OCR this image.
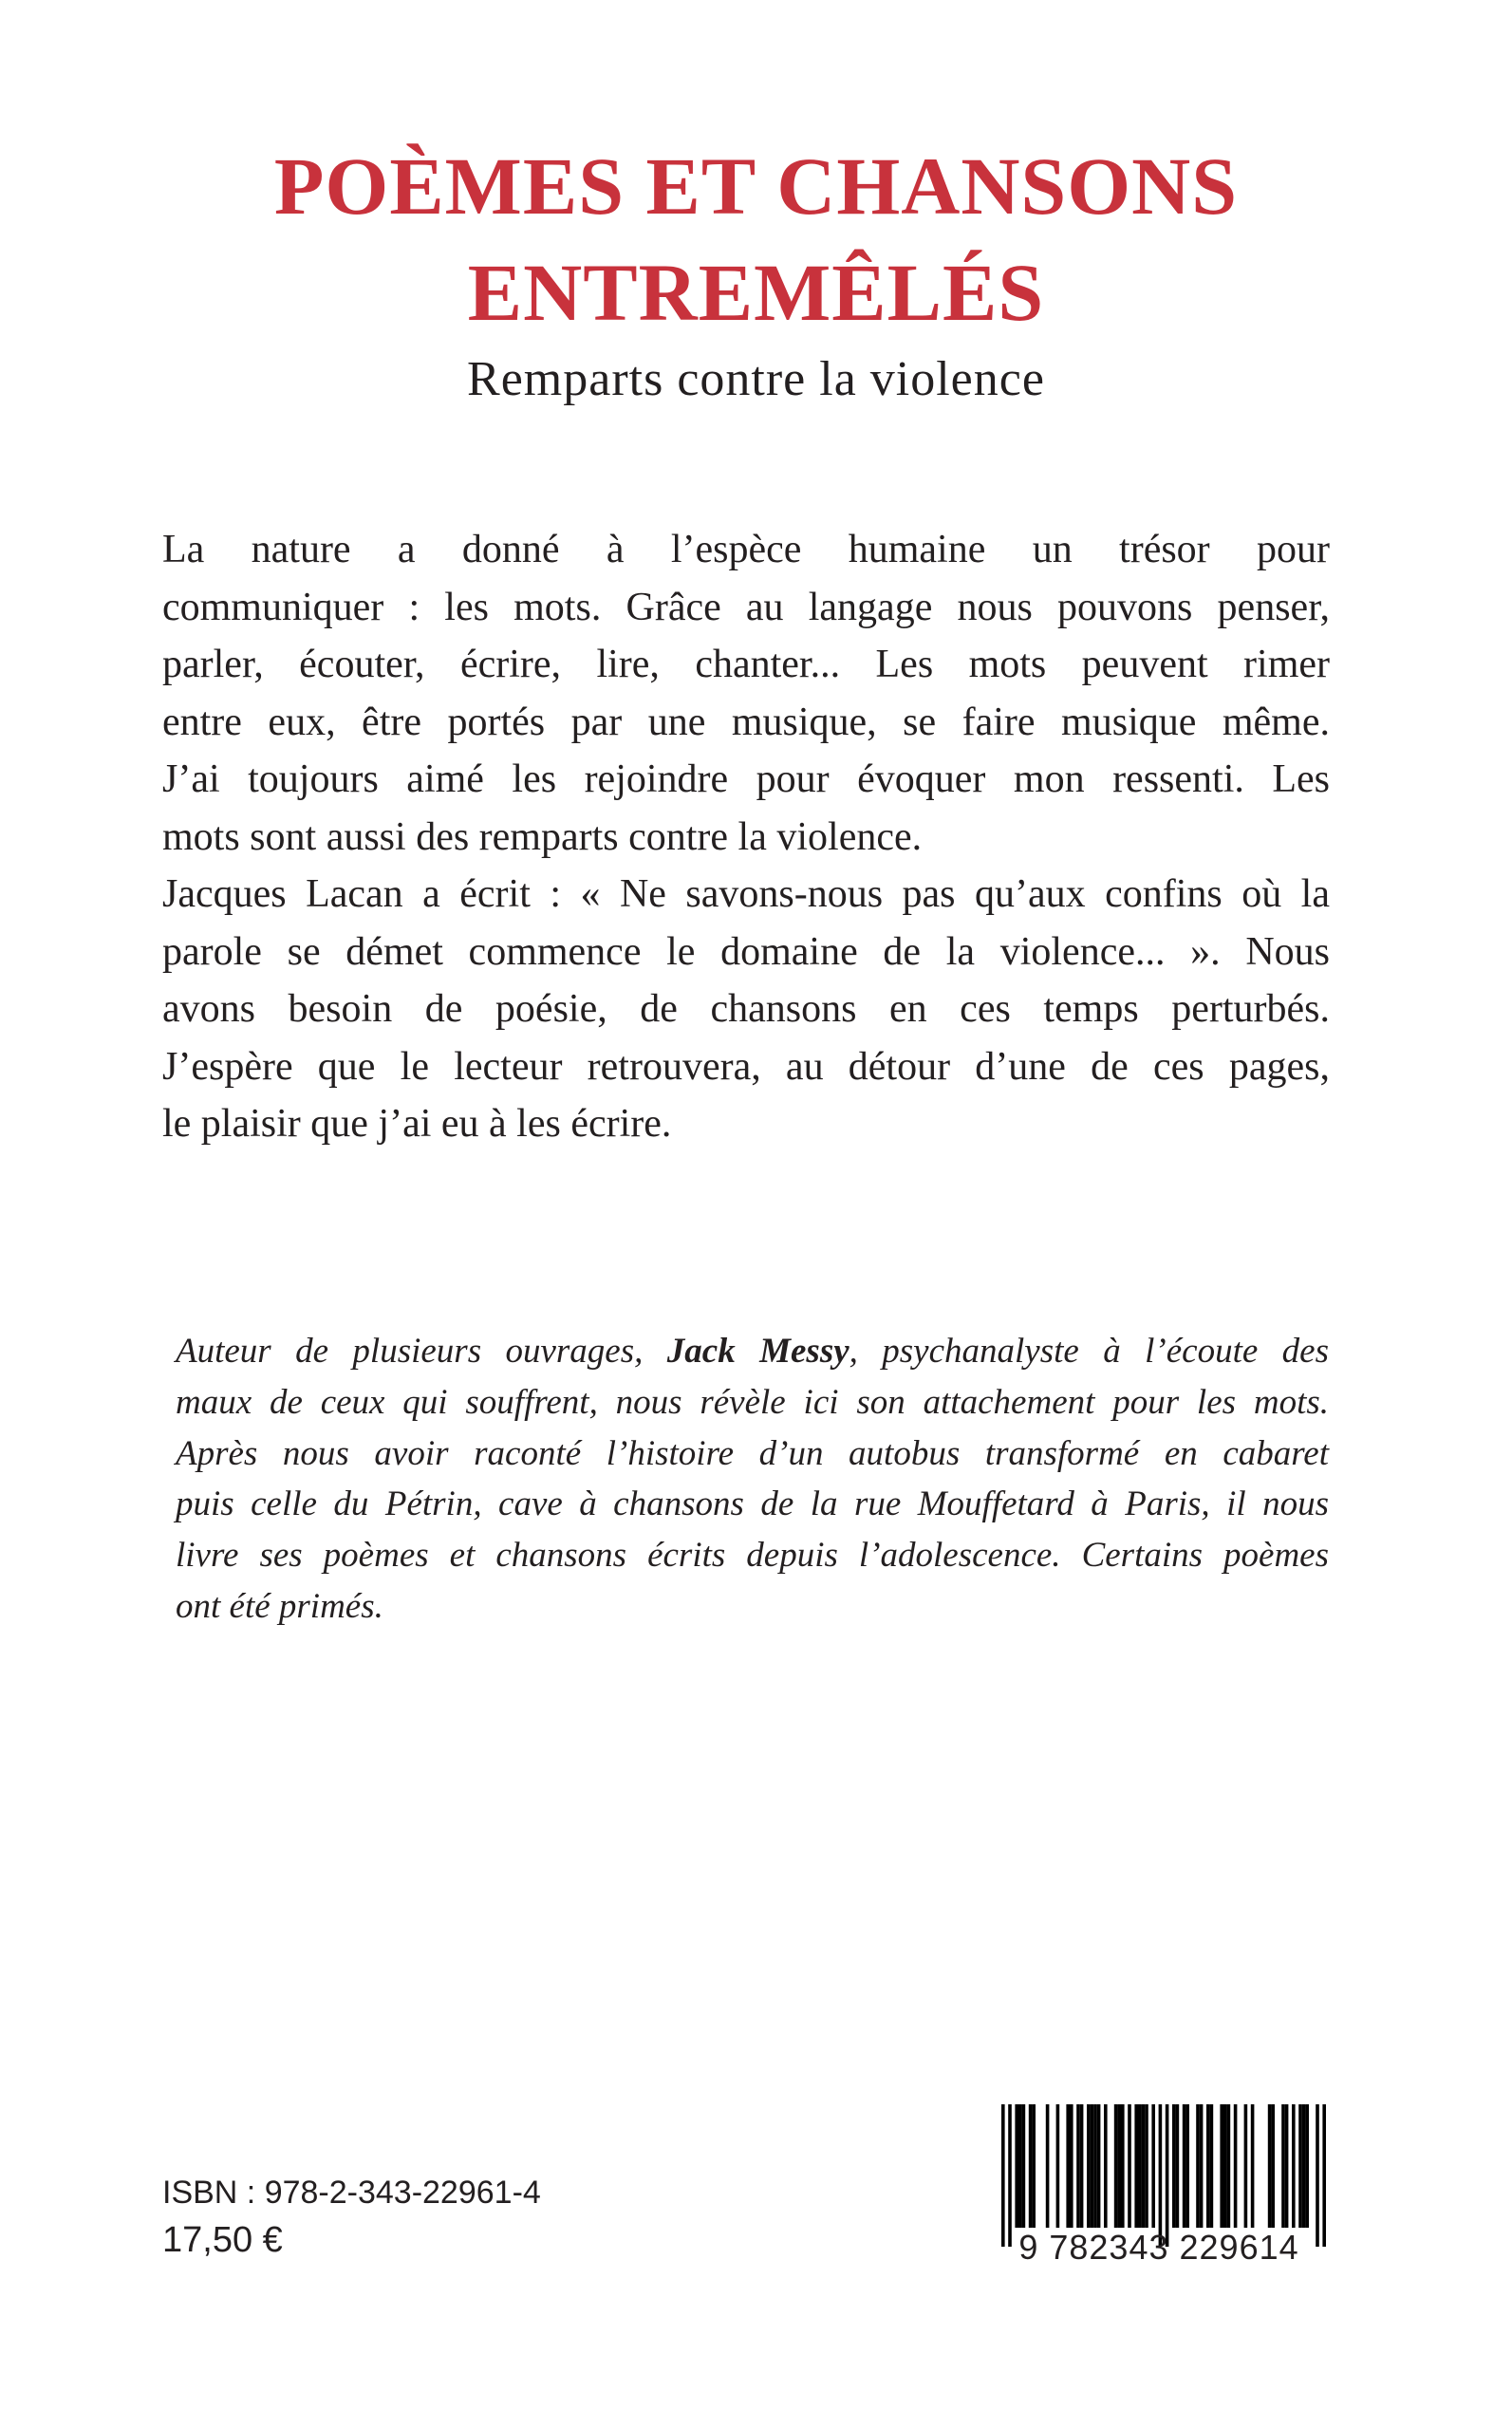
POÈMES ET CHANSONS
ENTREMÊLÉS
Remparts contre la violence
La nature a donné à l’espèce humaine un trésor pour
communiquer : les mots. Grâce au langage nous pouvons penser,
parler, écouter, écrire, lire, chanter... Les mots peuvent rimer
entre eux, être portés par une musique, se faire musique même.
J’ai toujours aimé les rejoindre pour évoquer mon ressenti. Les
mots sont aussi des remparts contre la violence.
Jacques Lacan a écrit : « Ne savons-nous pas qu’aux confins où la
parole se démet commence le domaine de la violence... ». Nous
avons besoin de poésie, de chansons en ces temps perturbés.
J’espère que le lecteur retrouvera, au détour d’une de ces pages,
le plaisir que j’ai eu à les écrire.
Auteur de plusieurs ouvrages, Jack Messy, psychanalyste à l’écoute des
maux de ceux qui souffrent, nous révèle ici son attachement pour les mots.
Après nous avoir raconté l’histoire d’un autobus transformé en cabaret
puis celle du Pétrin, cave à chansons de la rue Mouffetard à Paris, il nous
livre ses poèmes et chansons écrits depuis l’adolescence. Certains poèmes
ont été primés.
ISBN : 978-2-343-22961-4
17,50 €	9 782343 229614
